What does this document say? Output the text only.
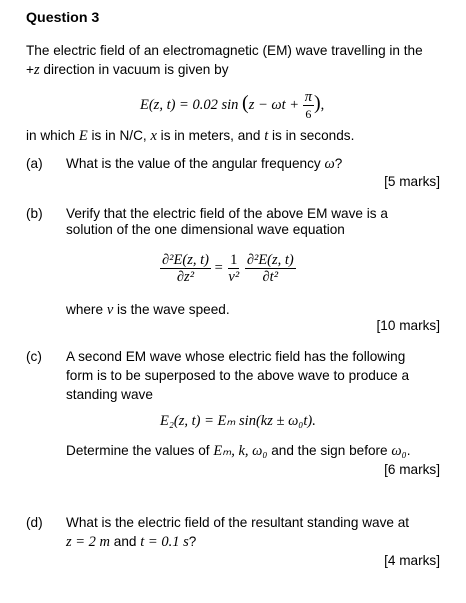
Question 3
The electric field of an electromagnetic (EM) wave travelling in the
+z direction in vacuum is given by
E(z, t) = 0.02 $\sin (z - \omega t + \frac{\pi}{6}$ ),
in which E is in N/C, x is in meters, and t is in seconds.
(a)	What is the value of the angular frequency ω?
[5 marks]
(b)	Verify that the electric field of the above EM wave is a
solution of the one dimensional wave equation
$\frac{\text{∂²E(z, t)}}{\text{∂z²}} = \frac{1}{\text{v²}}$
$\frac{\text{∂²E(z, t)}}{\text{∂t²}}$
where v is the wave speed.
[10 marks]
(c)	A second EM wave whose electric field has the following
form is to be superposed to the above wave to produce a
standing wave
E₂(z, t) = Eₘ sin(kz ± ω₀t).
Determine the values of Eₘ, k, ω₀ and the sign before ω₀.
[6 marks]
(d)	What is the electric field of the resultant standing wave at
z = 2 m and t = 0.1 s?
[4 marks]
